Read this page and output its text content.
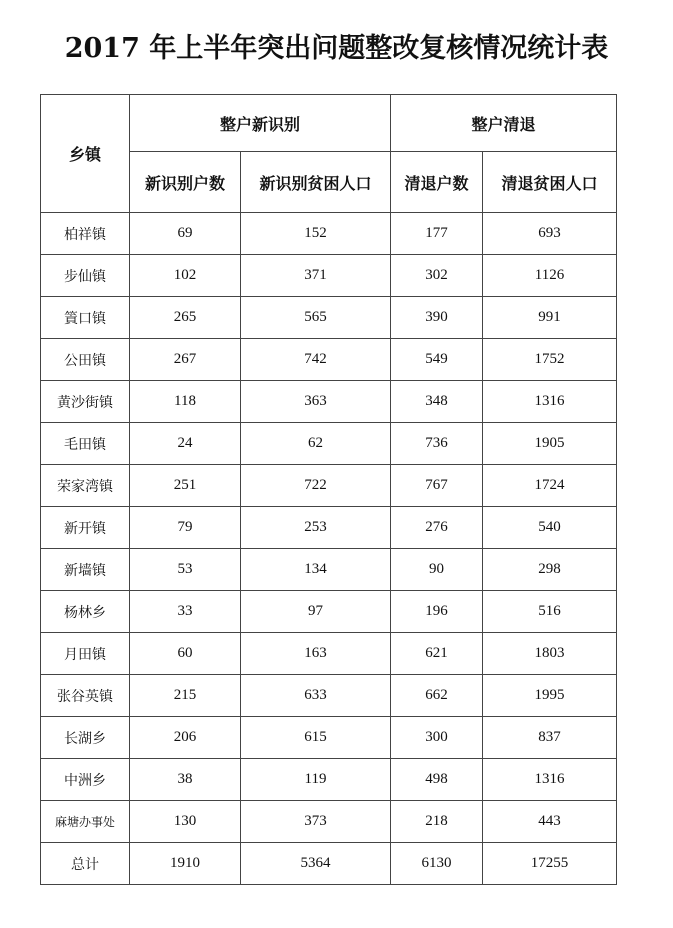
2017 年上半年突出问题整改复核情况统计表
乡镇	整户新识别		整户清退	
	新识别户数	新识别贫困人口	清退户数	清退贫困人口
柏祥镇	69	152	177	693
步仙镇	102	371	302	1126
篢口镇	265	565	390	991
公田镇	267	742	549	1752
黄沙街镇	118	363	348	1316
毛田镇	24	62	736	1905
荣家湾镇	251	722	767	1724
新开镇	79	253	276	540
新墙镇	53	134	90	298
杨林乡	33	97	196	516
月田镇	60	163	621	1803
张谷英镇	215	633	662	1995
长湖乡	206	615	300	837
中洲乡	38	119	498	1316
麻塘办事处	130	373	218	443
总计	1910	5364	6130	17255
